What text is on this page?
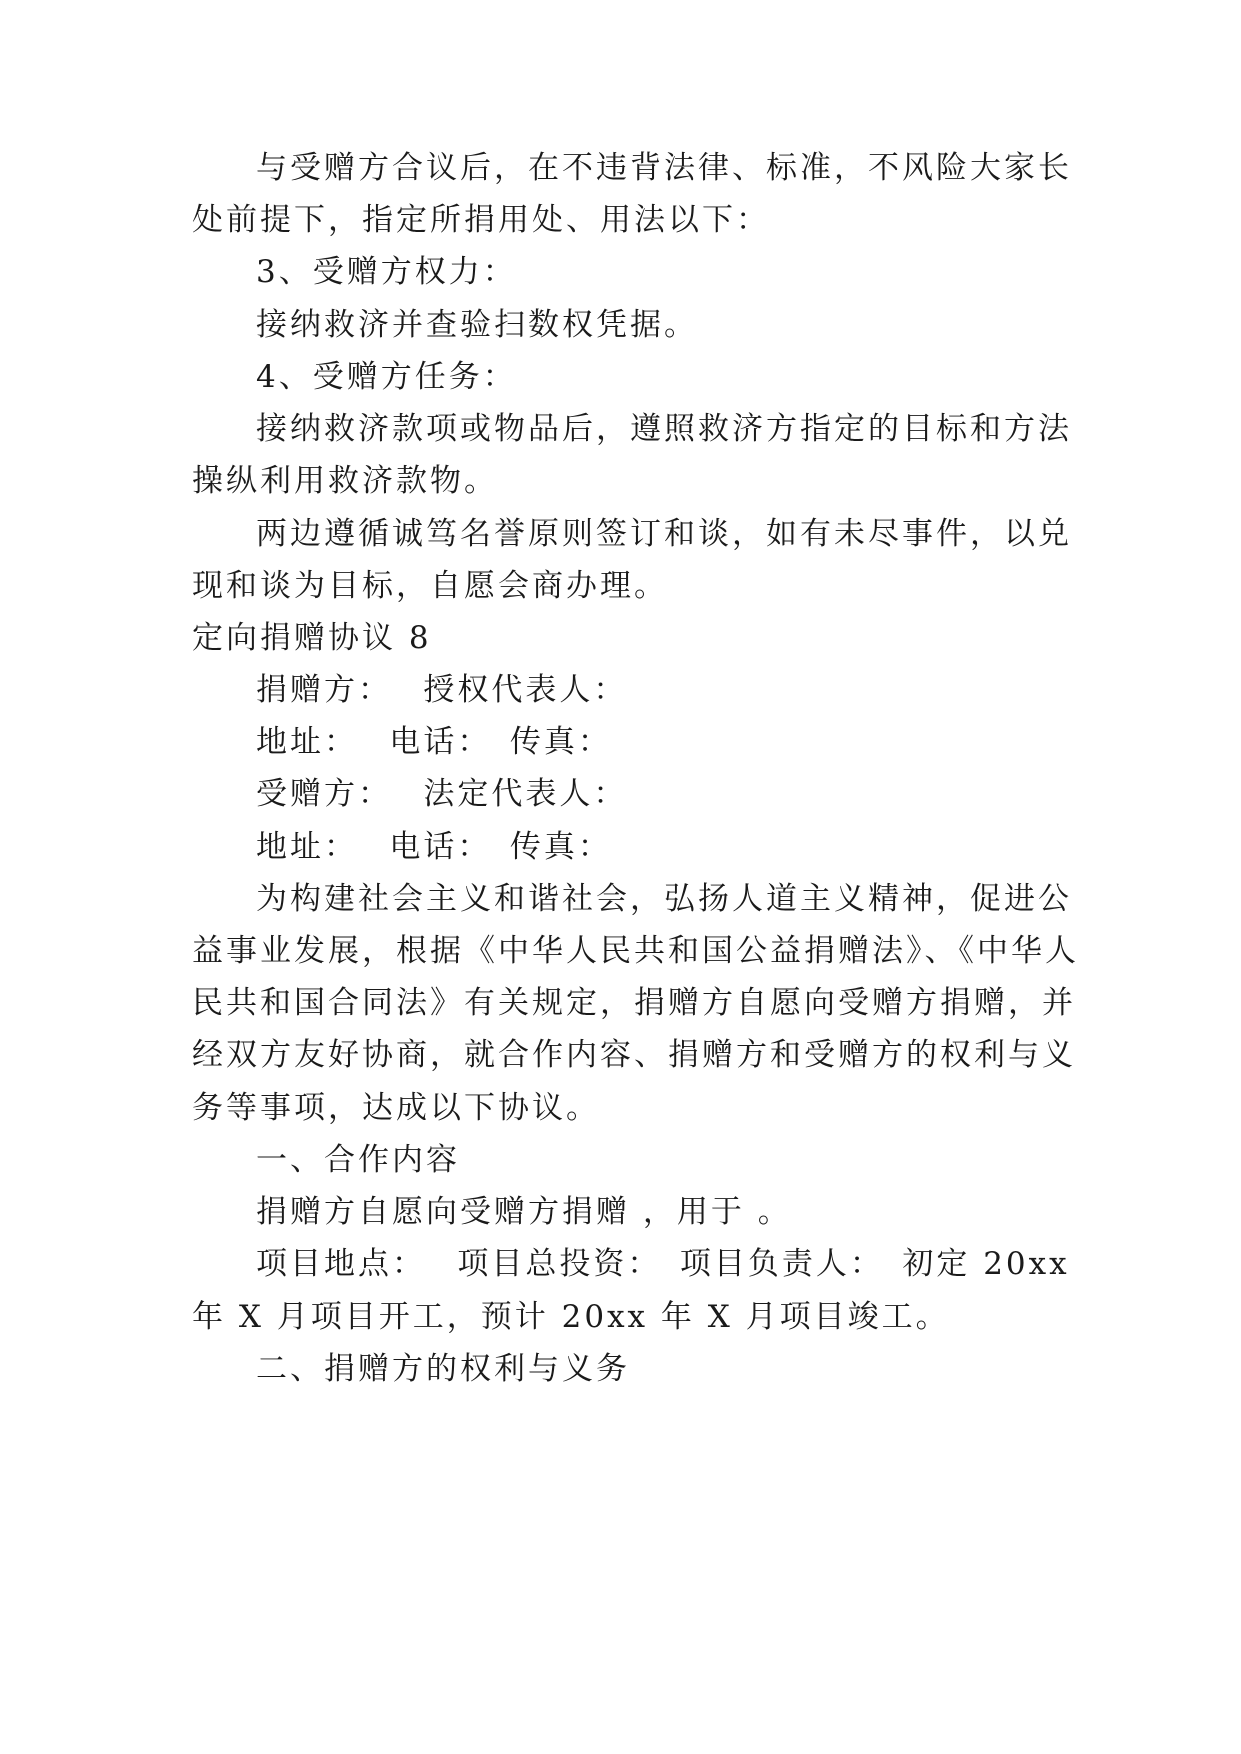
与受赠方合议后，在不违背法律、标准，不风险大家长
处前提下，指定所捐用处、用法以下：
3、受赠方权力：
接纳救济并查验扫数权凭据。
4、受赠方任务：
接纳救济款项或物品后，遵照救济方指定的目标和方法
操纵利用救济款物。
两边遵循诚笃名誉原则签订和谈，如有未尽事件，以兑
现和谈为目标，自愿会商办理。
定向捐赠协议 8
捐赠方：　 授权代表人：
地址：　 电话：　传真：
受赠方：　 法定代表人：
地址：　 电话：　传真：
为构建社会主义和谐社会，弘扬人道主义精神，促进公
益事业发展，根据《中华人民共和国公益捐赠法》、《中华人
民共和国合同法》有关规定，捐赠方自愿向受赠方捐赠，并
经双方友好协商，就合作内容、捐赠方和受赠方的权利与义
务等事项，达成以下协议。
一、合作内容
捐赠方自愿向受赠方捐赠 ，用于 。
项目地点：　 项目总投资：　项目负责人：　初定 20xx
年 X 月项目开工，预计 20xx 年 X 月项目竣工。
二、捐赠方的权利与义务
